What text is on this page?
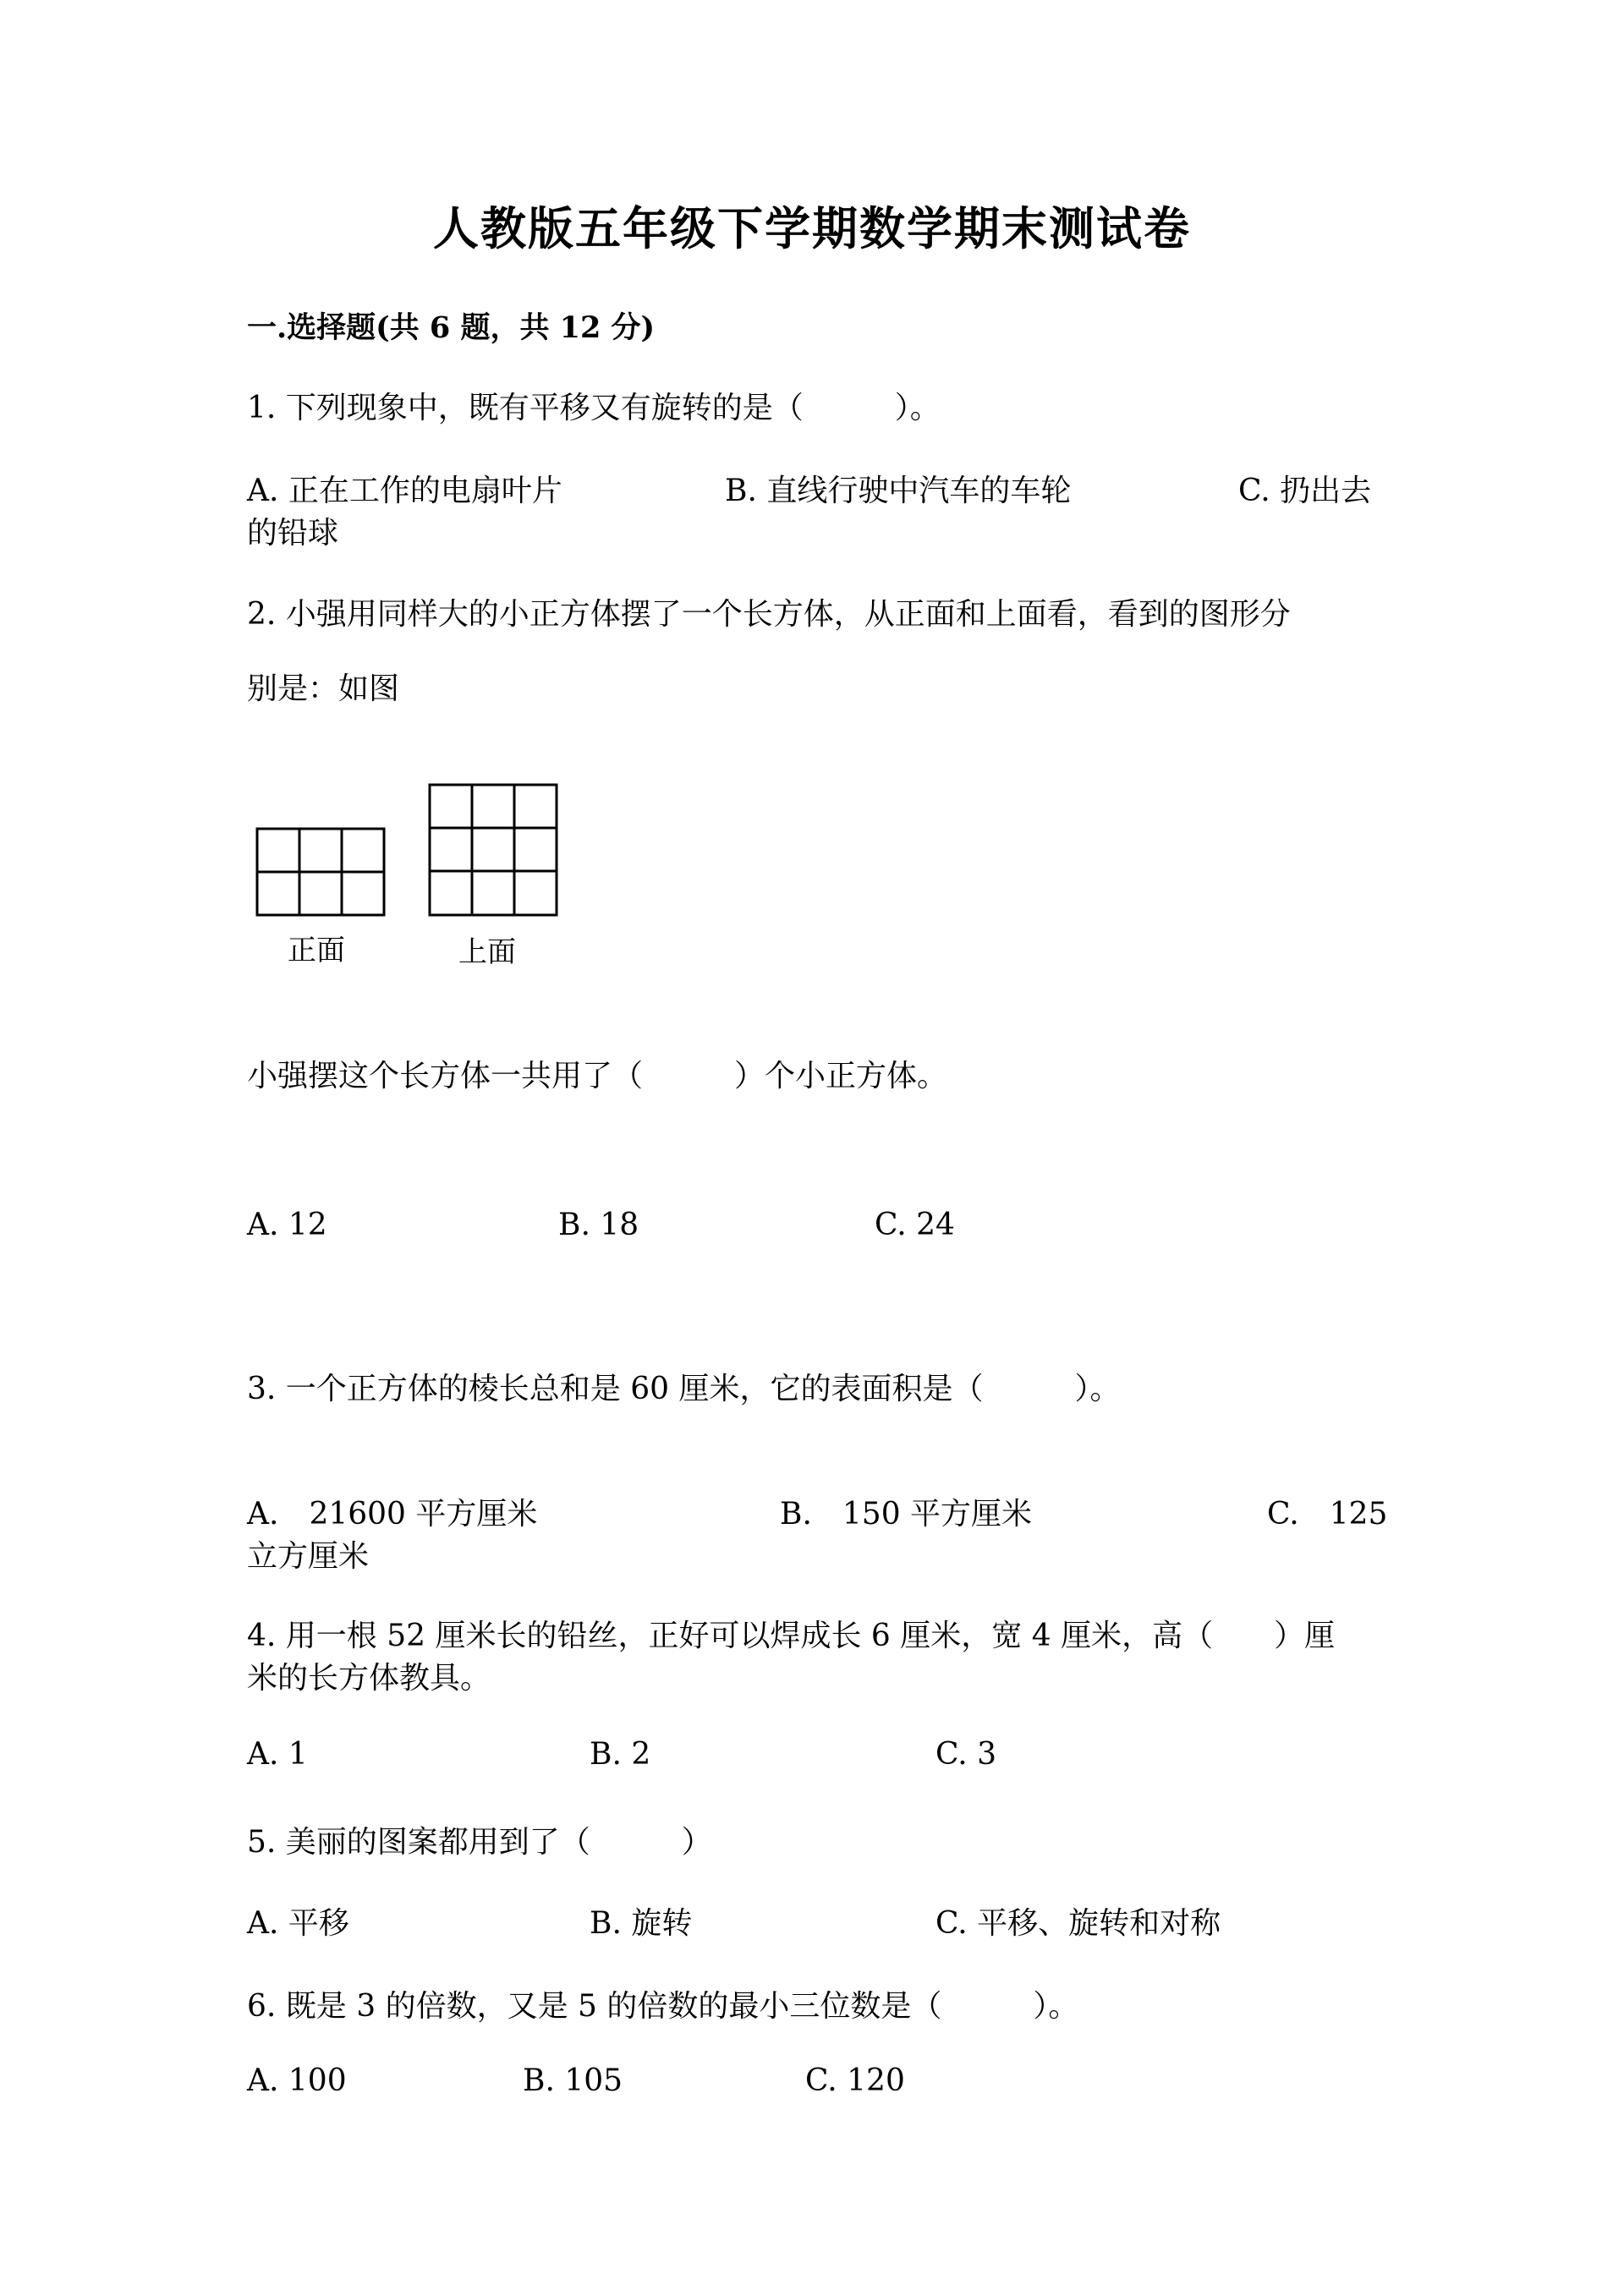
人教版五年级下学期数学期末测试卷
一.选择题(共 6 题，共 12 分)
1. 下列现象中，既有平移又有旋转的是（　　　）。
A. 正在工作的电扇叶片	B. 直线行驶中汽车的车轮	C. 扔出去
的铅球
2. 小强用同样大的小正方体摆了一个长方体，从正面和上面看，看到的图形分
别是：如图
正面	上面
小强摆这个长方体一共用了（　　　）个小正方体。
A. 12	B. 18	C. 24
3. 一个正方体的棱长总和是 60 厘米，它的表面积是（　　　）。
A.　21600 平方厘米	B.　150 平方厘米	C.　125
立方厘米
4. 用一根 52 厘米长的铅丝，正好可以焊成长 6 厘米，宽 4 厘米，高（　　）厘
米的长方体教具。
A. 1	B. 2	C. 3
5. 美丽的图案都用到了（　　　）
A. 平移	B. 旋转	C. 平移、旋转和对称
6. 既是 3 的倍数，又是 5 的倍数的最小三位数是（　　　）。
A. 100	B. 105	C. 120
